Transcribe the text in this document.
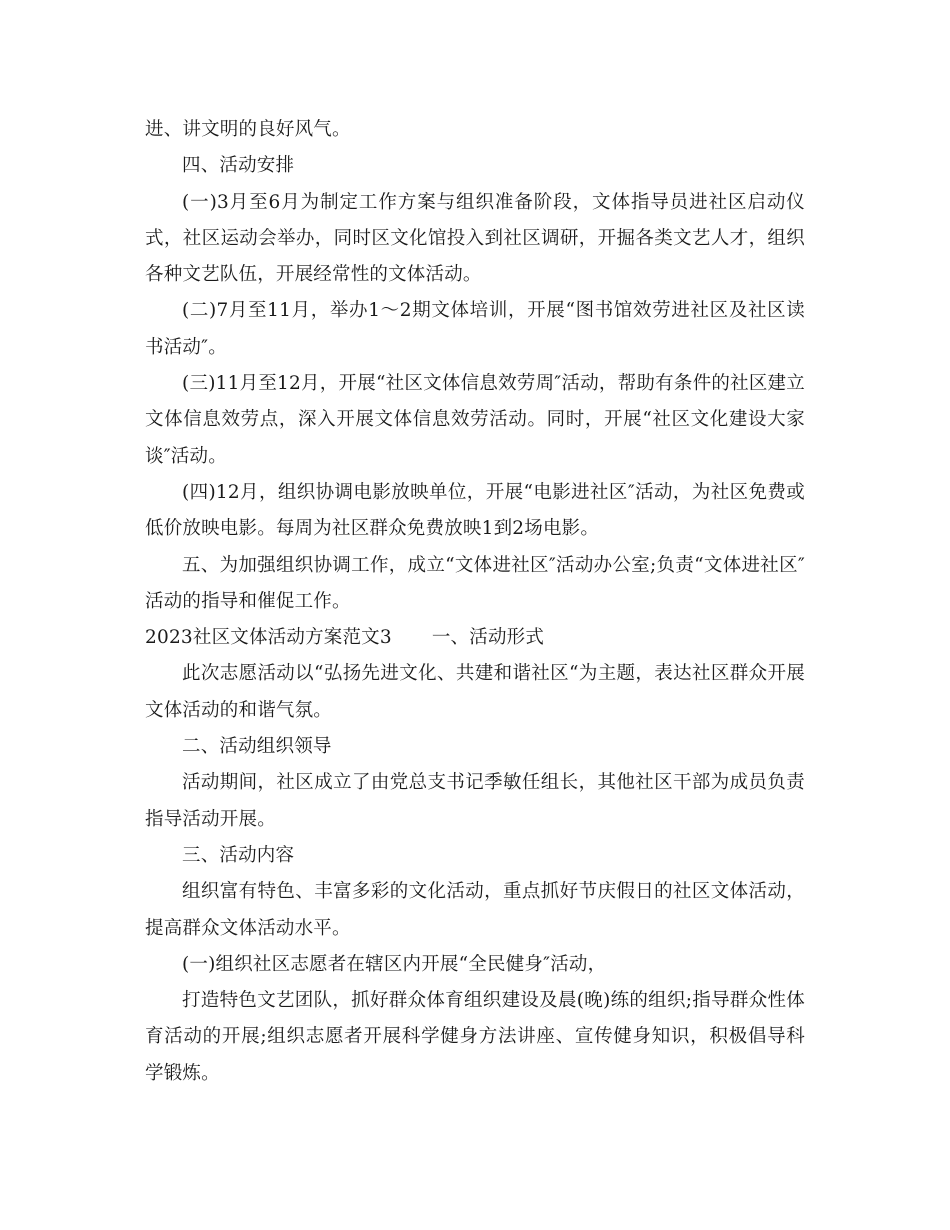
进、讲文明的良好风气。

四、活动安排

(一)3月至6月为制定工作方案与组织准备阶段，文体指导员进社区启动仪式，社区运动会举办，同时区文化馆投入到社区调研，开掘各类文艺人才，组织各种文艺队伍，开展经常性的文体活动。

(二)7月至11月，举办1～2期文体培训，开展“图书馆效劳进社区及社区读书活动″。

(三)11月至12月，开展“社区文体信息效劳周″活动，帮助有条件的社区建立文体信息效劳点，深入开展文体信息效劳活动。同时，开展“社区文化建设大家谈″活动。

(四)12月，组织协调电影放映单位，开展“电影进社区″活动，为社区免费或低价放映电影。每周为社区群众免费放映1到2场电影。

五、为加强组织协调工作，成立“文体进社区″活动办公室;负责“文体进社区″活动的指导和催促工作。

2023社区文体活动方案范文3 一、活动形式

此次志愿活动以“弘扬先进文化、共建和谐社区“为主题，表达社区群众开展文体活动的和谐气氛。

二、活动组织领导

活动期间，社区成立了由党总支书记季敏任组长，其他社区干部为成员负责指导活动开展。

三、活动内容

组织富有特色、丰富多彩的文化活动，重点抓好节庆假日的社区文体活动，提高群众文体活动水平。

(一)组织社区志愿者在辖区内开展“全民健身″活动，

打造特色文艺团队，抓好群众体育组织建设及晨(晚)练的组织;指导群众性体育活动的开展;组织志愿者开展科学健身方法讲座、宣传健身知识，积极倡导科学锻炼。
